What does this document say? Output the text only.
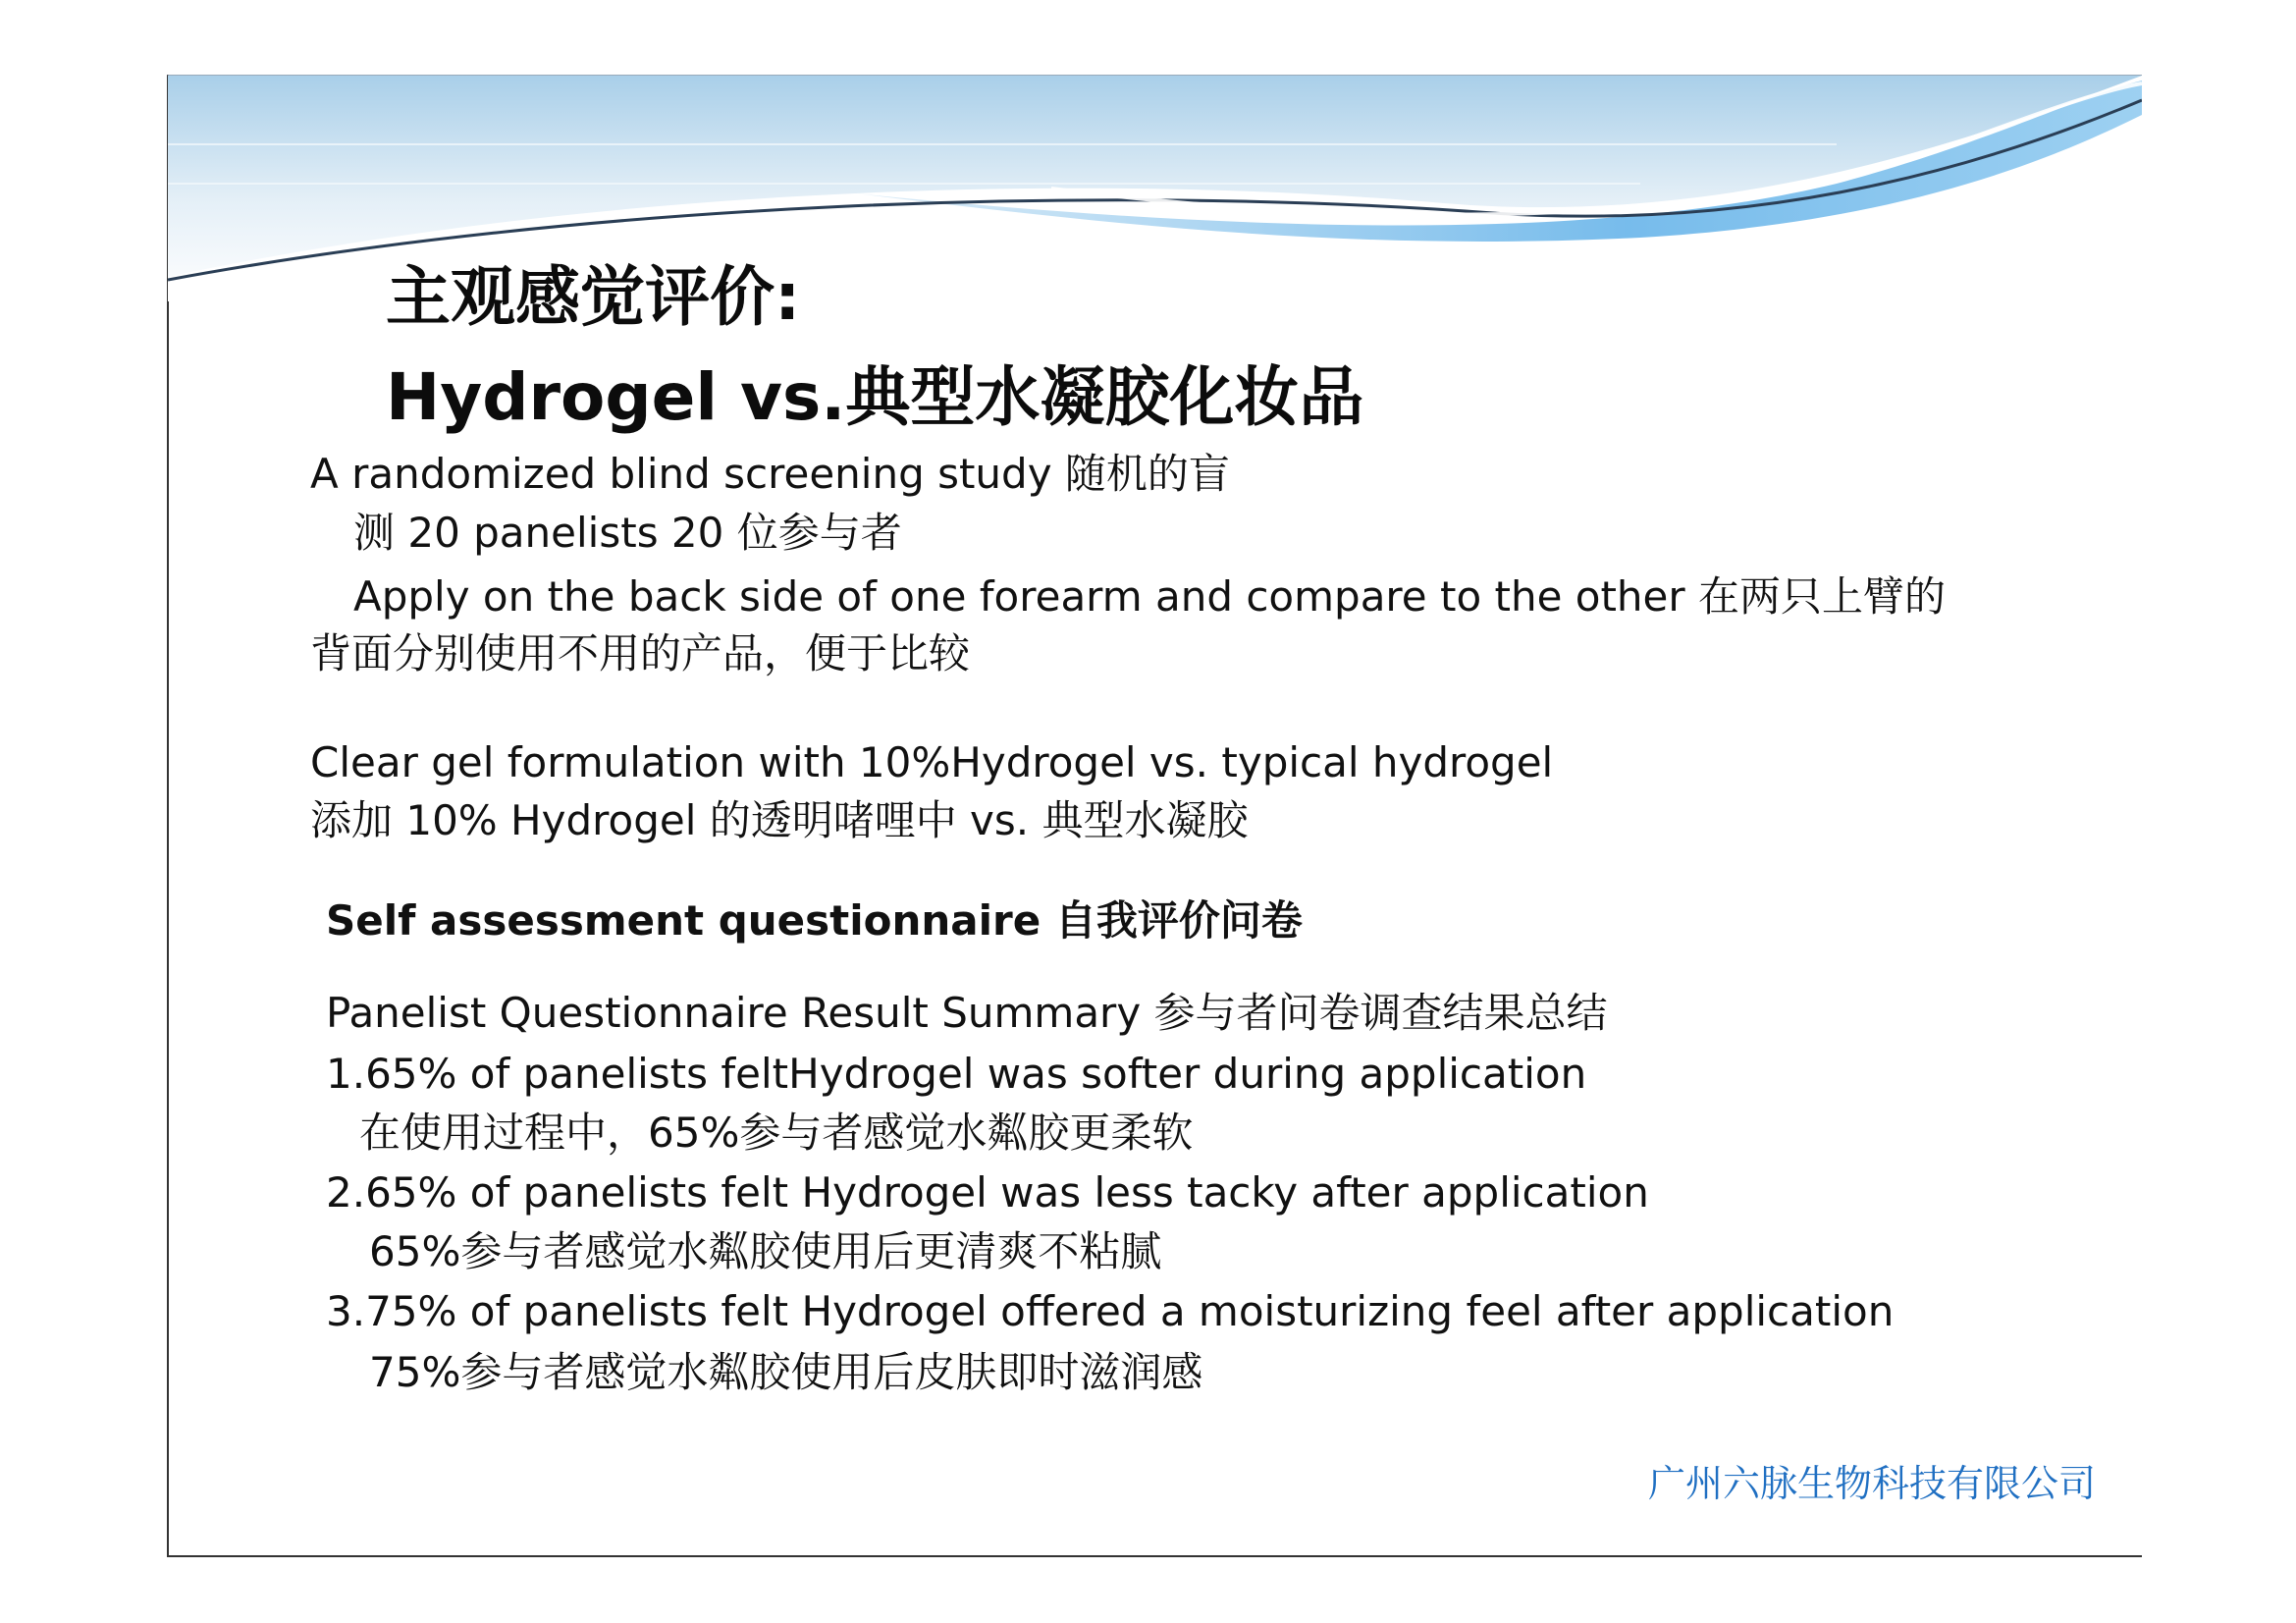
主观感觉评价:
Hydrogel vs.典型水凝胶化妆品
A randomized blind screening study 随机的盲
测 20 panelists 20 位参与者
Apply on the back side of one forearm and compare to the other 在两只上臂的
背面分别使用不用的产品，便于比较
Clear gel formulation with 10%Hydrogel vs. typical hydrogel
添加 10% Hydrogel 的透明啫哩中 vs. 典型水凝胶
Self assessment questionnaire 自我评价问卷
Panelist Questionnaire Result Summary 参与者问卷调查结果总结
1.65% of panelists feltHydrogel was softer during application
在使用过程中，65%参与者感觉水粼胶更柔软
2.65% of panelists felt Hydrogel was less tacky after application
65%参与者感觉水粼胶使用后更清爽不粘腻
3.75% of panelists felt Hydrogel offered a moisturizing feel after application
75%参与者感觉水粼胶使用后皮肤即时滋润感
广州六脉生物科技有限公司
